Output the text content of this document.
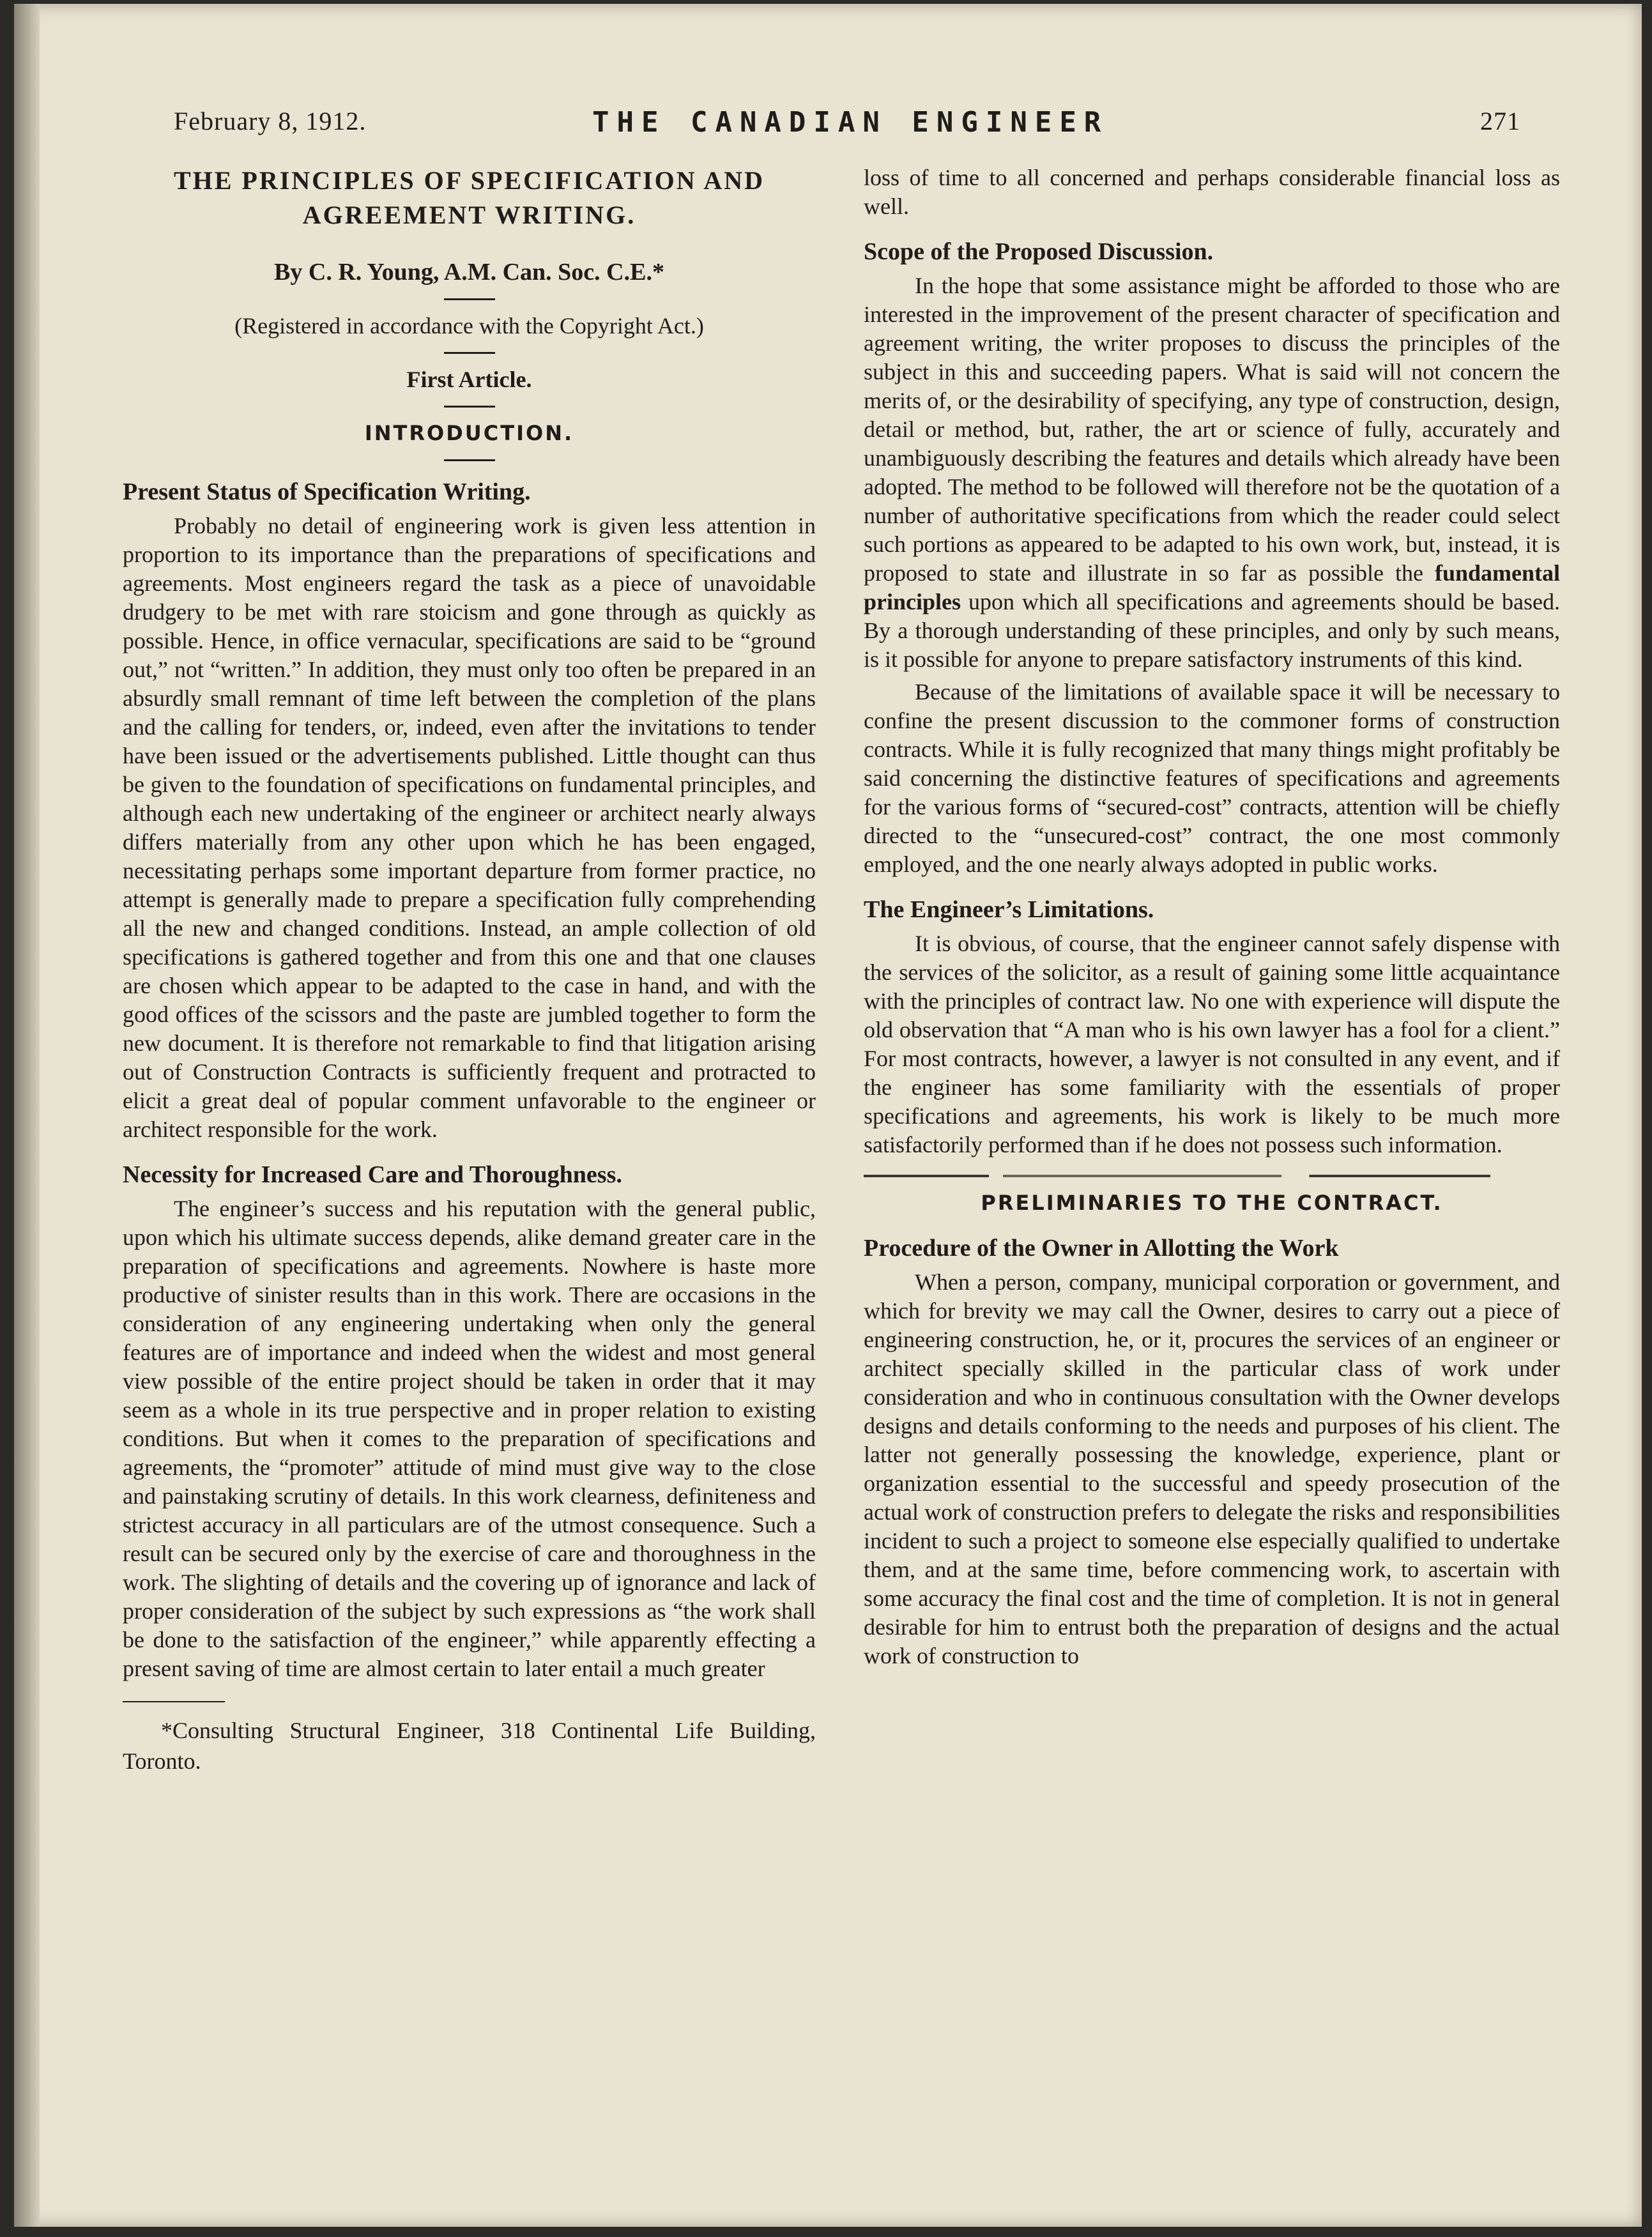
February 8, 1912.	THE CANADIAN ENGINEER	271
THE PRINCIPLES OF SPECIFICATION AND AGREEMENT WRITING.

By C. R. Young, A.M. Can. Soc. C.E.*

(Registered in accordance with the Copyright Act.)

First Article.

INTRODUCTION.

Present Status of Specification Writing.

Probably no detail of engineering work is given less attention in proportion to its importance than the preparations of specifications and agreements. Most engineers regard the task as a piece of unavoidable drudgery to be met with rare stoicism and gone through as quickly as possible. Hence, in office vernacular, specifications are said to be “ground out,” not “written.” In addition, they must only too often be prepared in an absurdly small remnant of time left between the completion of the plans and the calling for tenders, or, indeed, even after the invitations to tender have been issued or the advertisements published. Little thought can thus be given to the foundation of specifications on fundamental principles, and although each new undertaking of the engineer or architect nearly always differs materially from any other upon which he has been engaged, necessitating perhaps some important departure from former practice, no attempt is generally made to prepare a specification fully comprehending all the new and changed conditions. Instead, an ample collection of old specifications is gathered together and from this one and that one clauses are chosen which appear to be adapted to the case in hand, and with the good offices of the scissors and the paste are jumbled together to form the new document. It is therefore not remarkable to find that litigation arising out of Construction Contracts is sufficiently frequent and protracted to elicit a great deal of popular comment unfavorable to the engineer or architect responsible for the work.

Necessity for Increased Care and Thoroughness.

The engineer’s success and his reputation with the general public, upon which his ultimate success depends, alike demand greater care in the preparation of specifications and agreements. Nowhere is haste more productive of sinister results than in this work. There are occasions in the consideration of any engineering undertaking when only the general features are of importance and indeed when the widest and most general view possible of the entire project should be taken in order that it may seem as a whole in its true perspective and in proper relation to existing conditions. But when it comes to the preparation of specifications and agreements, the “promoter” attitude of mind must give way to the close and painstaking scrutiny of details. In this work clearness, definiteness and strictest accuracy in all particulars are of the utmost consequence. Such a result can be secured only by the exercise of care and thoroughness in the work. The slighting of details and the covering up of ignorance and lack of proper consideration of the subject by such expressions as “the work shall be done to the satisfaction of the engineer,” while apparently effecting a present saving of time are almost certain to later entail a much greater

*Consulting Structural Engineer, 318 Continental Life Building, Toronto.

loss of time to all concerned and perhaps considerable financial loss as well.

Scope of the Proposed Discussion.

In the hope that some assistance might be afforded to those who are interested in the improvement of the present character of specification and agreement writing, the writer proposes to discuss the principles of the subject in this and succeeding papers. What is said will not concern the merits of, or the desirability of specifying, any type of construction, design, detail or method, but, rather, the art or science of fully, accurately and unambiguously describing the features and details which already have been adopted. The method to be followed will therefore not be the quotation of a number of authoritative specifications from which the reader could select such portions as appeared to be adapted to his own work, but, instead, it is proposed to state and illustrate in so far as possible the fundamental principles upon which all specifications and agreements should be based. By a thorough understanding of these principles, and only by such means, is it possible for anyone to prepare satisfactory instruments of this kind.

Because of the limitations of available space it will be necessary to confine the present discussion to the commoner forms of construction contracts. While it is fully recognized that many things might profitably be said concerning the distinctive features of specifications and agreements for the various forms of “secured-cost” contracts, attention will be chiefly directed to the “unsecured-cost” contract, the one most commonly employed, and the one nearly always adopted in public works.

The Engineer’s Limitations.

It is obvious, of course, that the engineer cannot safely dispense with the services of the solicitor, as a result of gaining some little acquaintance with the principles of contract law. No one with experience will dispute the old observation that “A man who is his own lawyer has a fool for a client.” For most contracts, however, a lawyer is not consulted in any event, and if the engineer has some familiarity with the essentials of proper specifications and agreements, his work is likely to be much more satisfactorily performed than if he does not possess such information.

PRELIMINARIES TO THE CONTRACT.

Procedure of the Owner in Allotting the Work

When a person, company, municipal corporation or government, and which for brevity we may call the Owner, desires to carry out a piece of engineering construction, he, or it, procures the services of an engineer or architect specially skilled in the particular class of work under consideration and who in continuous consultation with the Owner develops designs and details conforming to the needs and purposes of his client. The latter not generally possessing the knowledge, experience, plant or organization essential to the successful and speedy prosecution of the actual work of construction prefers to delegate the risks and responsibilities incident to such a project to someone else especially qualified to undertake them, and at the same time, before commencing work, to ascertain with some accuracy the final cost and the time of completion. It is not in general desirable for him to entrust both the preparation of designs and the actual work of construction to
